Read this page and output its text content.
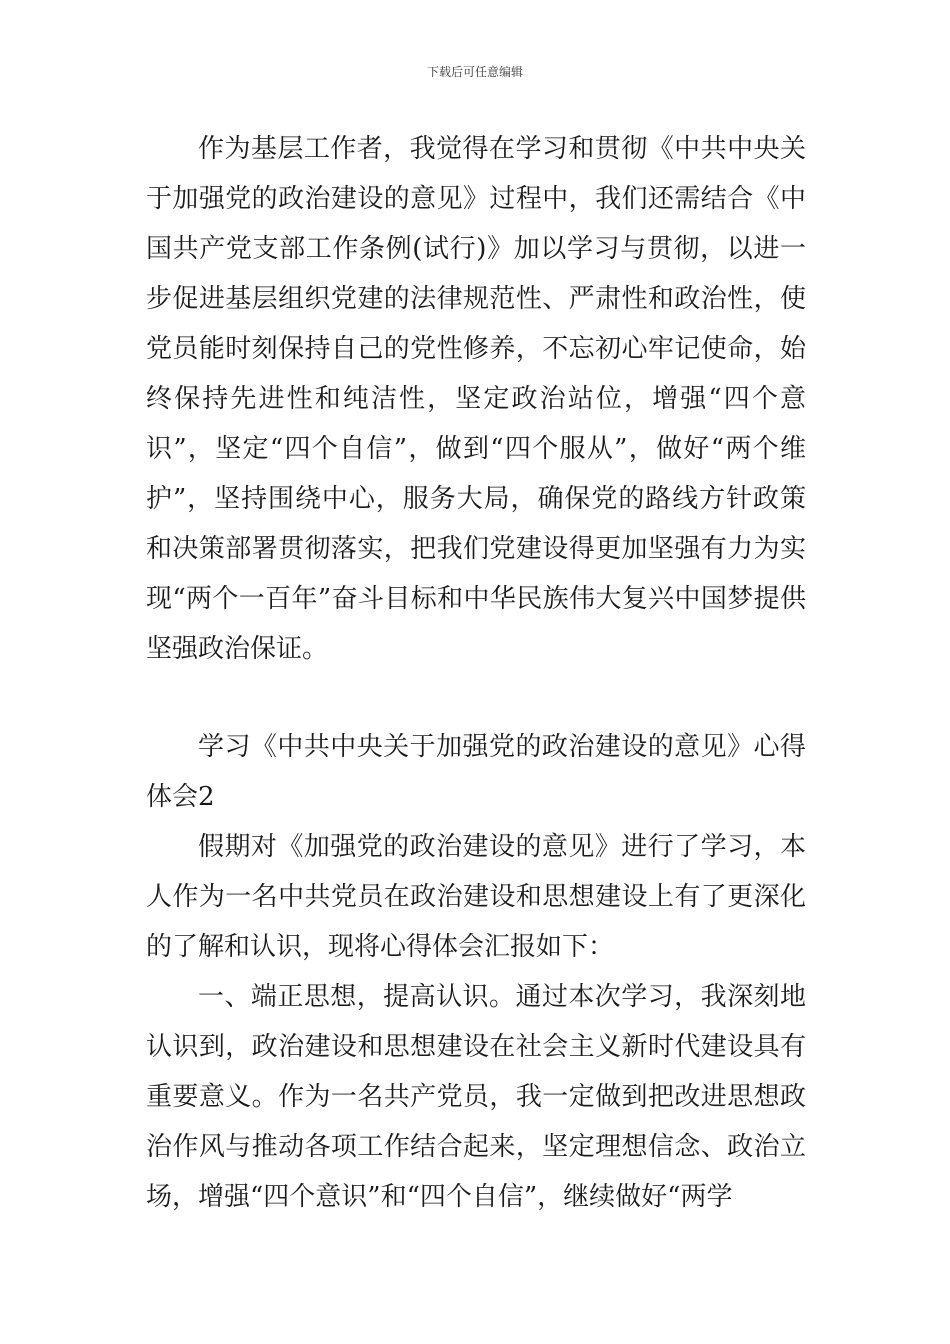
下载后可任意编辑

作为基层工作者，我觉得在学习和贯彻《中共中央关于加强党的政治建设的意见》过程中，我们还需结合《中国共产党支部工作条例(试行)》加以学习与贯彻，以进一步促进基层组织党建的法律规范性、严肃性和政治性，使党员能时刻保持自己的党性修养，不忘初心牢记使命，始终保持先进性和纯洁性，坚定政治站位，增强“四个意识”，坚定“四个自信”，做到“四个服从”，做好“两个维护”，坚持围绕中心，服务大局，确保党的路线方针政策和决策部署贯彻落实，把我们党建设得更加坚强有力为实现“两个一百年”奋斗目标和中华民族伟大复兴中国梦提供坚强政治保证。

学习《中共中央关于加强党的政治建设的意见》心得体会2

假期对《加强党的政治建设的意见》进行了学习，本人作为一名中共党员在政治建设和思想建设上有了更深化的了解和认识，现将心得体会汇报如下：

一、端正思想，提高认识。通过本次学习，我深刻地认识到，政治建设和思想建设在社会主义新时代建设具有重要意义。作为一名共产党员，我一定做到把改进思想政治作风与推动各项工作结合起来，坚定理想信念、政治立场，增强“四个意识”和“四个自信”，继续做好“两学
